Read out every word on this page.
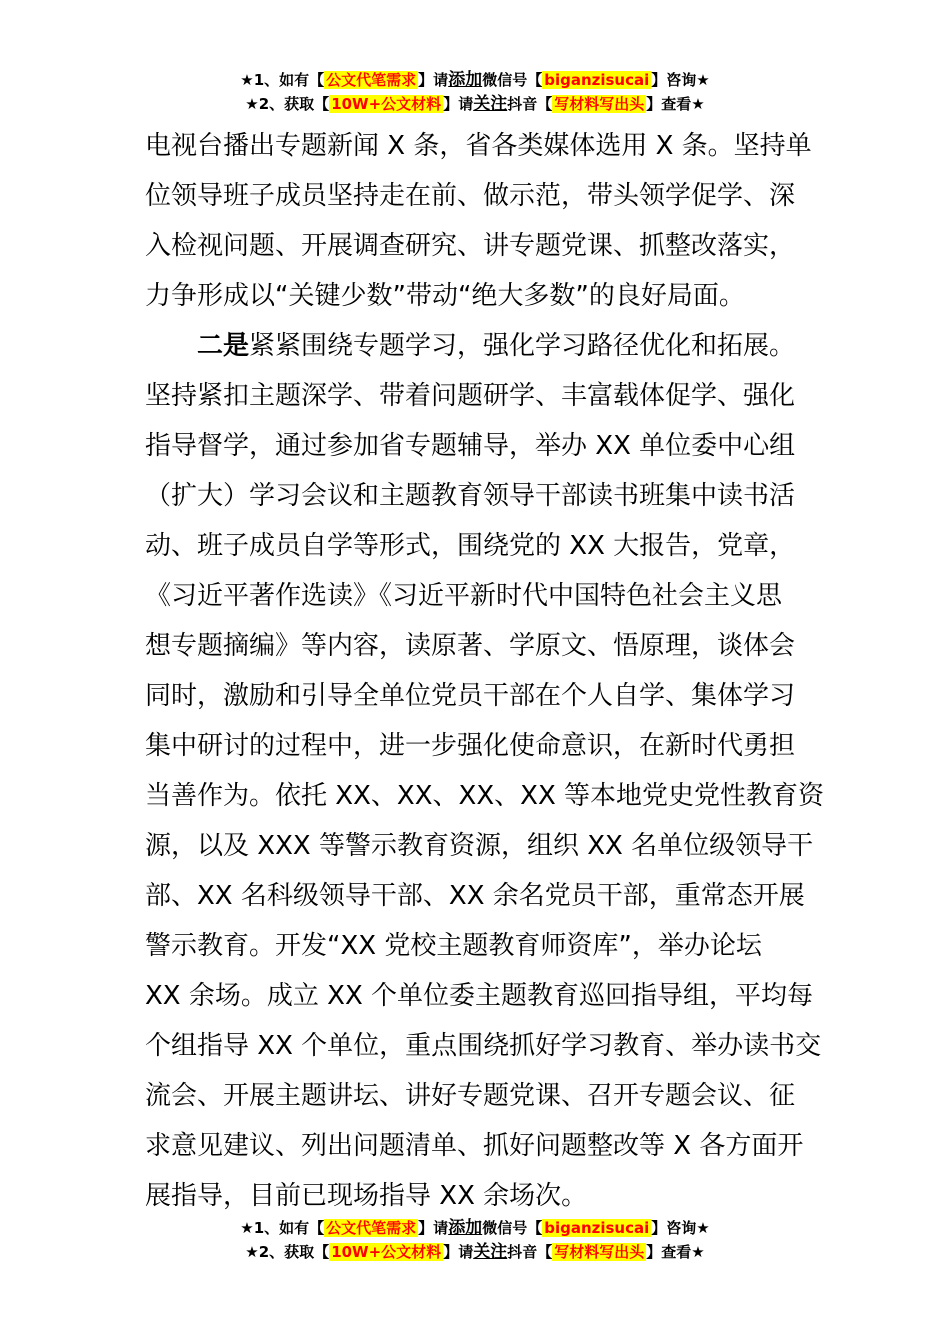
★1、如有【 公文代笔需求 】请添加微信号【 biganzisucai 】咨询★
★2、获取【 10W+公文材料 】请关注抖音【 写材料写出头 】查看★
电视台播出专题新闻 X 条，省各类媒体选用 X 条。坚持单
位领导班子成员坚持走在前、做示范，带头领学促学、深
入检视问题、开展调查研究、讲专题党课、抓整改落实，
力争形成以“关键少数”带动“绝大多数”的良好局面。
二是紧紧围绕专题学习，强化学习路径优化和拓展。
坚持紧扣主题深学、带着问题研学、丰富载体促学、强化
指导督学，通过参加省专题辅导，举办 XX 单位委中心组
（扩大）学习会议和主题教育领导干部读书班集中读书活
动、班子成员自学等形式，围绕党的 XX 大报告，党章，
《习近平著作选读》《习近平新时代中国特色社会主义思
想专题摘编》等内容，读原著、学原文、悟原理，谈体会
同时，激励和引导全单位党员干部在个人自学、集体学习
集中研讨的过程中，进一步强化使命意识，在新时代勇担
当善作为。依托 XX、XX、XX、XX 等本地党史党性教育资
源，以及 XXX 等警示教育资源，组织 XX 名单位级领导干
部、XX 名科级领导干部、XX 余名党员干部，重常态开展
警示教育。开发“XX 党校主题教育师资库”，举办论坛
XX 余场。成立 XX 个单位委主题教育巡回指导组，平均每
个组指导 XX 个单位，重点围绕抓好学习教育、举办读书交
流会、开展主题讲坛、讲好专题党课、召开专题会议、征
求意见建议、列出问题清单、抓好问题整改等 X 各方面开
展指导，目前已现场指导 XX 余场次。
★1、如有【 公文代笔需求 】请添加微信号【 biganzisucai 】咨询★
★2、获取【 10W+公文材料 】请关注抖音【 写材料写出头 】查看★
